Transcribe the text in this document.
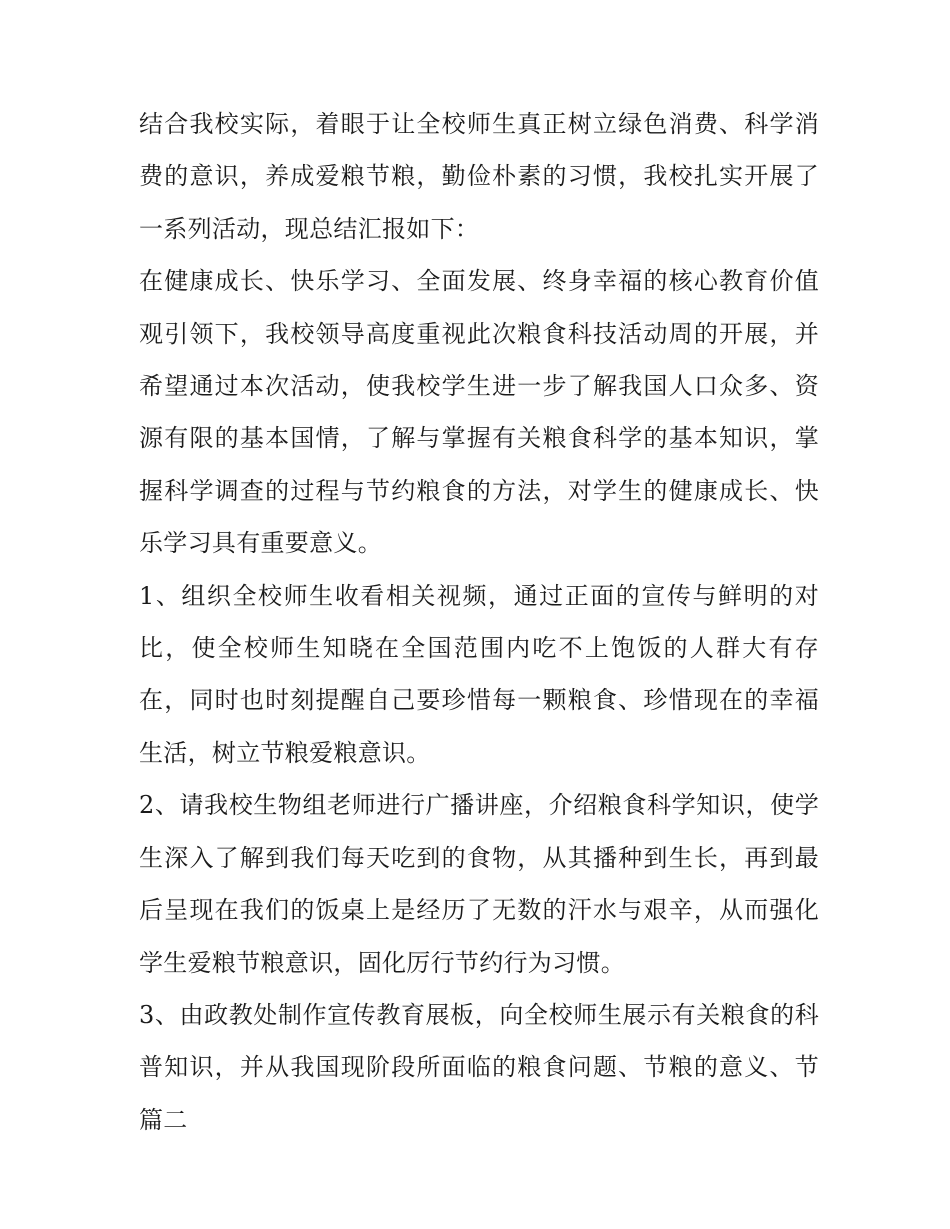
结合我校实际，着眼于让全校师生真正树立绿色消费、科学消费的意识，养成爱粮节粮，勤俭朴素的习惯，我校扎实开展了一系列活动，现总结汇报如下：

在健康成长、快乐学习、全面发展、终身幸福的核心教育价值观引领下，我校领导高度重视此次粮食科技活动周的开展，并希望通过本次活动，使我校学生进一步了解我国人口众多、资源有限的基本国情，了解与掌握有关粮食科学的基本知识，掌握科学调查的过程与节约粮食的方法，对学生的健康成长、快乐学习具有重要意义。

1、组织全校师生收看相关视频，通过正面的宣传与鲜明的对比，使全校师生知晓在全国范围内吃不上饱饭的人群大有存在，同时也时刻提醒自己要珍惜每一颗粮食、珍惜现在的幸福生活，树立节粮爱粮意识。

2、请我校生物组老师进行广播讲座，介绍粮食科学知识，使学生深入了解到我们每天吃到的食物，从其播种到生长，再到最后呈现在我们的饭桌上是经历了无数的汗水与艰辛，从而强化学生爱粮节粮意识，固化厉行节约行为习惯。

3、由政教处制作宣传教育展板，向全校师生展示有关粮食的科普知识，并从我国现阶段所面临的粮食问题、节粮的意义、节篇二
